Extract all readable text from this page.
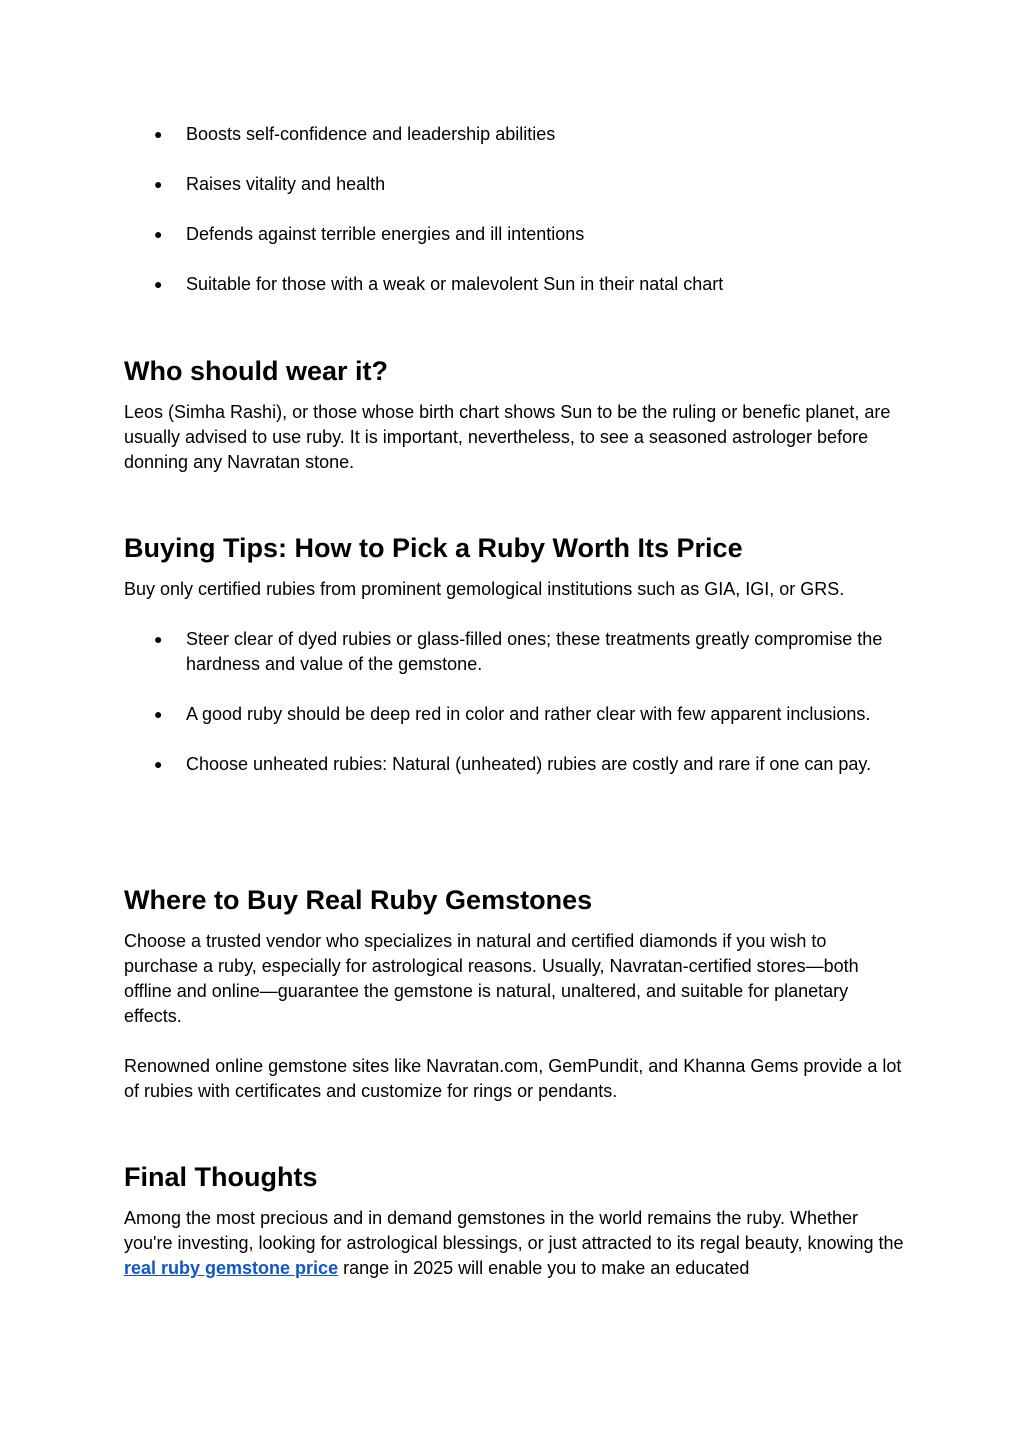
● Boosts self-confidence and leadership abilities
● Raises vitality and health
● Defends against terrible energies and ill intentions
● Suitable for those with a weak or malevolent Sun in their natal chart
Who should wear it?

Leos (Simha Rashi), or those whose birth chart shows Sun to be the ruling or benefic planet, are usually advised to use ruby. It is important, nevertheless, to see a seasoned astrologer before donning any Navratan stone.

Buying Tips: How to Pick a Ruby Worth Its Price

Buy only certified rubies from prominent gemological institutions such as GIA, IGI, or GRS.

● Steer clear of dyed rubies or glass-filled ones; these treatments greatly compromise the hardness and value of the gemstone.
● A good ruby should be deep red in color and rather clear with few apparent inclusions.
● Choose unheated rubies: Natural (unheated) rubies are costly and rare if one can pay.
Where to Buy Real Ruby Gemstones

Choose a trusted vendor who specializes in natural and certified diamonds if you wish to purchase a ruby, especially for astrological reasons. Usually, Navratan-certified stores—both offline and online—guarantee the gemstone is natural, unaltered, and suitable for planetary effects.

Renowned online gemstone sites like Navratan.com, GemPundit, and Khanna Gems provide a lot of rubies with certificates and customize for rings or pendants.

Final Thoughts

Among the most precious and in demand gemstones in the world remains the ruby. Whether you're investing, looking for astrological blessings, or just attracted to its regal beauty, knowing the real ruby gemstone price range in 2025 will enable you to make an educated
